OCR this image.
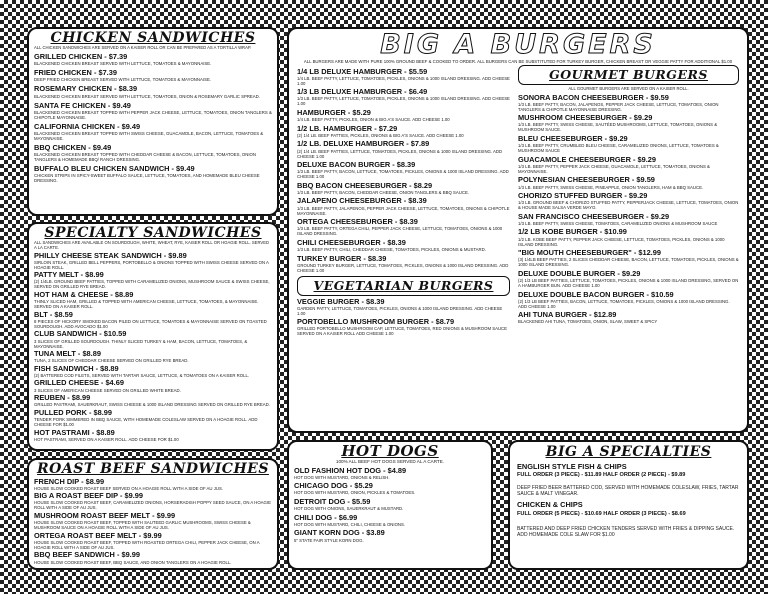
CHICKEN SANDWICHES
ALL CHICKEN SANDWICHES ARE SERVED ON A KAISER ROLL OR CAN BE PREPARED AS A TORTILLA WRAP.
GRILLED CHICKEN - $7.39
BLACKENED CHICKEN BREAST SERVED WITH LETTUCE, TOMATOES & MAYONNAISE.
FRIED CHICKEN - $7.39
DEEP FRIED CHICKEN BREAST SERVED WITH LETTUCE, TOMATOES & MAYONNAISE.
ROSEMARY CHICKEN - $8.39
BLACKENED CHICKEN BREAST SERVED WITH LETTUCE, TOMATOES, ONION & ROSEMARY GARLIC SPREAD.
SANTA FE CHICKEN - $9.49
BLACKENED CHICKEN BREAST TOPPED WITH PEPPER JACK CHEESE, LETTUCE, TOMATOES, ONION TANGLERS & CHIPOTLE MAYONNAISE.
CALIFORNIA CHICKEN - $9.49
BLACKENED CHICKEN BREAST TOPPED WITH SWISS CHEESE, GUACAMOLE, BACON, LETTUCE, TOMATOES & MAYONNAISE.
BBQ CHICKEN - $9.49
BLACKENED CHICKEN BREAST TOPPED WITH CHEDDAR CHEESE & BACON, LETTUCE, TOMATOES, ONION TANGLERS & HOMEMADE BBQ/ RANCH DRESSING.
BUFFALO BLEU CHICKEN SANDWICH - $9.49
CHICKEN STRIPS IN SPICY-SWEET BUFFALO SAUCE, LETTUCE, TOMATOES, AND HOMEMADE BLEU CHEESE DRESSING.
SPECIALTY SANDWICHES
ALL SANDWICHES ARE AVAILABLE ON SOURDOUGH, WHITE, WHEAT, RYE, KAISER ROLL OR HOAGIE ROLL. SERVED A LA CARTE.
PHILLY CHEESE STEAK SANDWICH - $9.89
SIRLOIN STEAK, GRILLED BELL PEPPERS, PORTOBELLO & ONIONS TOPPED WITH SWISS CHEESE SERVED ON A HOAGIE ROLL.
PATTY MELT - $8.99
(2) 1/4LB. GROUND BEEF PATTIES, TOPPED WITH CARAMELIZED ONIONS, MUSHROOM SAUCE & SWISS CHEESE, SERVED ON GRILLED RYE BREAD.
HOT HAM & CHEESE - $8.89
THINLY SLICED HAM, GRILLED & TOPPED WITH AMERICAN CHEESE, LETTUCE, TOMATOES, & MAYONNAISE. SERVED ON A KAISER ROLL.
BLT - $8.59
8 PIECES OF HICKORY SMOKED BACON PILED ON LETTUCE, TOMATOES & MAYONNAISE SERVED ON TOASTED SOURDOUGH. ADD AVOCADO $1.00
CLUB SANDWICH - $10.59
3 SLICES OF GRILLED SOURDOUGH. THINLY SLICED TURKEY & HAM, BACON, LETTUCE, TOMATOES, & MAYONNAISE.
TUNA MELT - $8.89
TUNA, 2 SLICES OF CHEDDAR CHEESE SERVED ON GRILLED RYE BREAD.
FISH SANDWICH - $8.89
(2) BATTERED COD FILETS, SERVED WITH TARTAR SAUCE, LETTUCE, & TOMATOES ON A KAISER ROLL.
GRILLED CHEESE - $4.69
3 SLICES OF AMERICAN CHEESE SERVED ON GRILLED WHITE BREAD.
REUBEN - $8.99
GRILLED PASTRAMI, SAUERKRAUT, SWISS CHEESE & 1000 ISLAND DRESSING SERVED ON GRILLED RYE BREAD.
PULLED PORK - $8.99
TENDER PORK SIMMERED IN BBQ SAUCE, WITH HOMEMADE COLESLAW SERVED ON A HOAGIE ROLL. ADD CHEESE FOR $1.00
HOT PASTRAMI - $8.89
HOT PASTRAMI, SERVED ON A KAISER ROLL. ADD CHEESE FOR $1.00
ROAST BEEF SANDWICHES
FRENCH DIP - $8.99
HOUSE SLOW COOKED ROAST BEEF SERVED ON A HOAGIE ROLL WITH A SIDE OF AU JUS.
BIG A ROAST BEEF DIP - $9.99
HOUSE SLOW COOKED ROAST BEEF, CARAMELIZED ONIONS, HORSERADISH POPPY SEED SAUCE, ON A HOAGIE ROLL WITH A SIDE OF AU JUS.
MUSHROOM ROAST BEEF MELT - $9.99
HOUSE SLOW COOKED ROAST BEEF, TOPPED WITH SAUTEED GARLIC MUSHROOMS, SWISS CHEESE & MUSHROOM SAUCE ON A HOAGIE ROLL WITH A SIDE OF AU JUS.
ORTEGA ROAST BEEF MELT - $9.99
HOUSE SLOW COOKED ROAST BEEF, TOPPED WITH ROASTED ORTEGA CHILI, PEPPER JACK CHEESE, ON A HOAGIE ROLL WITH A SIDE OF AU JUS.
BBQ BEEF SANDWICH - $9.99
HOUSE SLOW COOKED ROAST BEEF, BBQ SAUCE, AND ONION TANGLERS ON A HOAGIE ROLL.
BIG A BURGERS
ALL BURGERS ARE MADE WITH PURE 100% GROUND BEEF & COOKED TO ORDER. ALL BURGERS CAN BE SUBSTITUTED FOR TURKEY BURGER, CHICKEN BREAST OR VEGGIE PATTY FOR ADDITIONAL $1.00
1/4 LB DELUXE HAMBURGER - $5.59
1/4 LB. BEEF PATTY, LETTUCE, TOMATOES, PICKLES, ONIONS & 1000 ISLAND DRESSING. ADD CHEESE 1.00
1/3 LB DELUXE HAMBURGER - $6.49
1/3 LB. BEEF PATTY, LETTUCE, TOMATOES, PICKLES, ONIONS & 1000 ISLAND DRESSING. ADD CHEESE 1.00
HAMBURGER - $5.29
1/4 LB. BEEF PATTY, PICKLES, ONION & BIG A'S SAUCE. ADD CHEESE 1.00
1/2 LB. HAMBURGER - $7.29
(2) 1/4 LB. BEEF PATTIES, PICKLES, ONIONS & BIG A'S SAUCE. ADD CHEESE 1.00
1/2 LB. DELUXE HAMBURGER - $7.89
(2) 1/4 LB. BEEF PATTIES, LETTUCE, TOMATOES, PICKLES, ONIONS & 1000 ISLAND DRESSING. ADD CHEESE 1.00
DELUXE BACON BURGER - $8.39
1/3 LB. BEEF PATTY, BACON, LETTUCE, TOMATOES, PICKLES, ONIONS & 1000 ISLAND DRESSING. ADD CHEESE 1.00
BBQ BACON CHEESEBURGER - $8.29
1/3 LB. BEEF PATTY, BACON, CHEDDAR CHEESE, ONION TANGLERS & BBQ SAUCE.
JALAPENO CHEESEBURGER - $8.39
1/3 LB. BEEF PATTY, JALAPENOS, PEPPER JACK CHEESE, LETTUCE, TOMATOES, ONIONS & CHIPOTLE MAYONNAISE.
ORTEGA CHEESEBURGER - $8.39
1/3 LB. BEEF PATTY, ORTEGA CHILI, PEPPER JACK CHEESE, LETTUCE, TOMATOES, ONIONS & 1000 ISLAND DRESSING.
CHILI CHEESEBURGER - $8.39
1/3 LB. BEEF PATTY, CHILI, CHEDDAR CHEESE, TOMATOES, PICKLES, ONIONS & MUSTARD.
TURKEY BURGER - $8.39
GROUND TURKEY BURGER, LETTUCE, TOMATOES, PICKLES, ONIONS & 1000 ISLAND DRESSING. ADD CHEESE 1.00
VEGETARIAN BURGERS
VEGGIE BURGER - $8.39
GARDEN PATTY, LETTUCE, TOMATOES, PICKLES, ONIONS & 1000 ISLAND DRESSING. ADD CHEESE 1.00
PORTOBELLO MUSHROOM BURGER - $8.79
GRILLED PORTOBELLO MUSHROOM CAP, LETTUCE, TOMATOES, RED ONIONS & MUSHROOM SAUCE SERVED ON A KAISER ROLL ADD CHEESE 1.00
GOURMET BURGERS
ALL GOURMET BURGERS ARE SERVED ON A KAISER ROLL.
SONORA BACON CHEESEBURGER - $9.59
1/3 LB. BEEF PATTY, BACON, JALAPENOS, PEPPER JACK CHEESE, LETTUCE, TOMATOES, ONION TANGLERS & CHIPOTLE MAYONNAISE DRESSING.
MUSHROOM CHEESEBURGER - $9.29
1/3 LB. BEEF PATTY, SWISS CHEESE, SAUTÉED MUSHROOMS, LETTUCE, TOMATOES, ONIONS & MUSHROOM SAUCE.
BLEU CHEESEBURGER - $9.29
1/3 LB. BEEF PATTY, CRUMBLED BLEU CHEESE, CARAMELIZED ONIONS, LETTUCE, TOMATOES & MUSHROOM SAUCE
GUACAMOLE CHEESEBURGER - $9.29
1/3 LB. BEEF PATTY, PEPPER JACK CHEESE, GUACAMOLE, LETTUCE, TOMATOES, ONIONS & MAYONNAISE.
POLYNESIAN CHEESEBURGER - $9.59
1/3 LB. BEEF PATTY, SWISS CHEESE, PINEAPPLE, ONION TANGLERS, HAM & BBQ SAUCE.
CHORIZO STUFFED BURGER - $9.29
1/3 LB. GROUND BEEF & CHORIZO STUFFED PATTY, PEPPERJACK CHEESE, LETTUCE, TOMATOES, ONION & HOUSE MADE SALSA VERDE MAYO.
SAN FRANCISCO CHEESEBURGER - $9.29
1/3 LB. BEEF PATTY, SWISS CHEESE, TOMATOES, CARAMELIZED ONIONS & MUSHROOM SAUCE
1/2 LB KOBE BURGER - $10.99
1/2 LB. KOBE BEEF PATTY, PEPPER JACK CHEESE, LETTUCE, TOMATOES, PICKLES, ONIONS & 1000 ISLAND DRESSING.
"BIG MOUTH CHEESEBURGER" - $12.99
(3) 1/4LB BEEF PATTIES, 2 SLICES CHEDDAR CHEESE, BACON, LETTUCE, TOMATOES, PICKLES, ONIONS & 1000 ISLAND DRESSING.
DELUXE DOUBLE BURGER - $9.29
(2) 1/3 LB BEEF PATTIES, LETTUCE, TOMATOES, PICKLES, ONIONS & 1000 ISLAND DRESSING, SERVED ON A HAMBURGER BUN. ADD CHEESE 1.00
DELUXE DOUBLE BACON BURGER - $10.59
(2) 1/3 LB BEEF PATTIES, BACON, LETTUCE, TOMATOES, PICKLES, ONIONS & 1000 ISLAND DRESSING. ADD CHEESE 1.00
AHI TUNA BURGER - $12.89
BLACKENED AHI TUNA, TOMATOES, ONION, SLAW, SWEET & SPICY
HOT DOGS
100% ALL BEEF HOT DOGS SERVED AL A CARTE.
OLD FASHION HOT DOG - $4.89
HOT DOG WITH MUSTARD, ONIONS & RELISH.
CHICAGO DOG - $5.29
HOT DOG WITH MUSTARD, ONION, PICKLES & TOMATOES.
DETROIT DOG - $5.59
HOT DOG WITH ONIONS, SAUERKRAUT & MUSTARD.
CHILI DOG - $6.99
HOT DOG WITH MUSTARD, CHILI, CHEESE & ONIONS.
GIANT KORN DOG - $3.89
5" STATE FAIR STYLE KORN DOG.
BIG A SPECIALTIES
ENGLISH STYLE FISH & CHIPS
FULL ORDER (3 PIECE) - $11.89 HALF ORDER (2 PIECE) - $9.89
DEEP FRIED BEER BATTERED COD, SERVED WITH HOMEMADE COLESLAW, FRIES, TARTAR SAUCE & MALT VINEGAR.
CHICKEN & CHIPS
FULL ORDER (5 PIECE) - $10.69 HALF ORDER (3 PIECE) - $8.69
BATTERED AND DEEP FRIED CHICKEN TENDERS SERVED WITH FRIES & DIPPING SAUCE. ADD HOMEMADE COLE SLAW FOR $1.00
